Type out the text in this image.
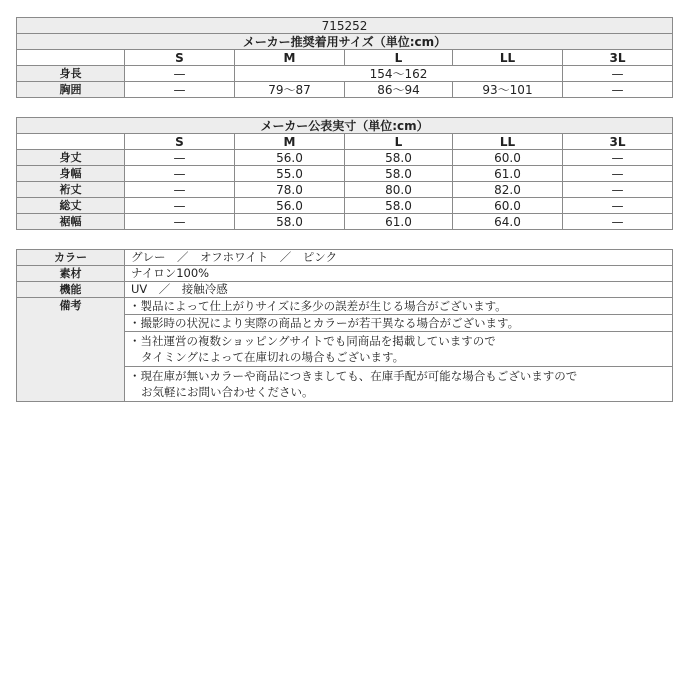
715252					
メーカー推奨着用サイズ（単位:cm）					
	S	M	L	LL	3L
身長	—	154～162			—
胸囲	—	79～87	86～94	93～101	—
メーカー公表実寸（単位:cm）					
	S	M	L	LL	3L
身丈	—	56.0	58.0	60.0	—
身幅	—	55.0	58.0	61.0	—
裄丈	—	78.0	80.0	82.0	—
総丈	—	56.0	58.0	60.0	—
裾幅	—	58.0	61.0	64.0	—
カラー	グレー　／　オフホワイト　／　ピンク
素材	ナイロン100%
機能	UV　／　接触冷感
備考	・製品によって仕上がりサイズに多少の誤差が生じる場合がございます。
	・撮影時の状況により実際の商品とカラーが若干異なる場合がございます。

	・当社運営の複数ショッピングサイトでも同商品を掲載していますので
タイミングによって在庫切れの場合もございます。

	・現在庫が無いカラーや商品につきましても、在庫手配が可能な場合もございますので
お気軽にお問い合わせください。
